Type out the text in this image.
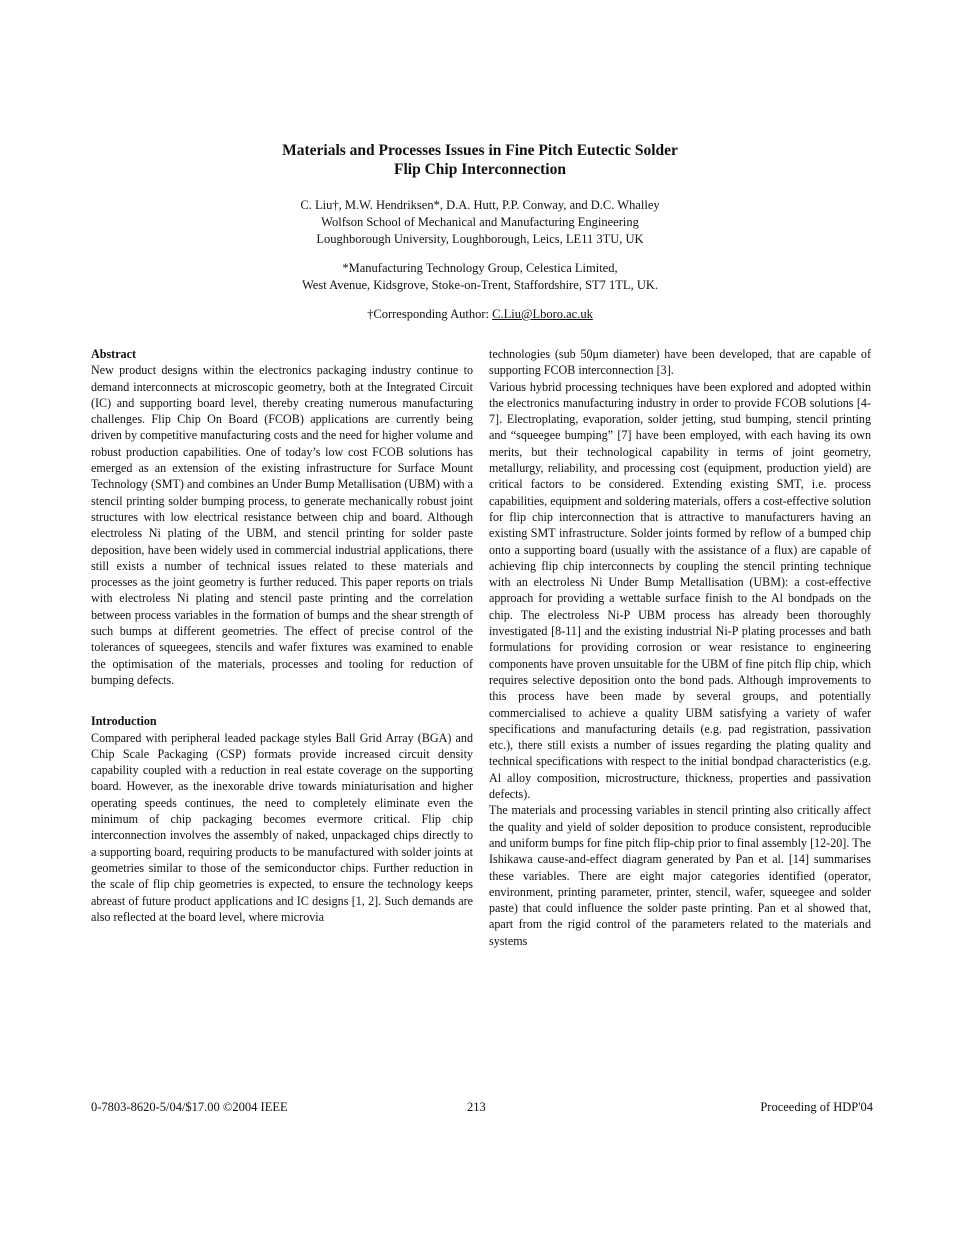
Materials and Processes Issues in Fine Pitch Eutectic Solder
Flip Chip Interconnection
C. Liu†, M.W. Hendriksen*, D.A. Hutt, P.P. Conway, and D.C. Whalley
Wolfson School of Mechanical and Manufacturing Engineering
Loughborough University, Loughborough, Leics, LE11 3TU, UK
*Manufacturing Technology Group, Celestica Limited,
West Avenue, Kidsgrove, Stoke-on-Trent, Staffordshire, ST7 1TL, UK.
†Corresponding Author: C.Liu@Lboro.ac.uk

Abstract

New product designs within the electronics packaging industry continue to demand interconnects at microscopic geometry, both at the Integrated Circuit (IC) and supporting board level, thereby creating numerous manufacturing challenges. Flip Chip On Board (FCOB) applications are currently being driven by competitive manufacturing costs and the need for higher volume and robust production capabilities. One of today’s low cost FCOB solutions has emerged as an extension of the existing infrastructure for Surface Mount Technology (SMT) and combines an Under Bump Metallisation (UBM) with a stencil printing solder bumping process, to generate mechanically robust joint structures with low electrical resistance between chip and board. Although electroless Ni plating of the UBM, and stencil printing for solder paste deposition, have been widely used in commercial industrial applications, there still exists a number of technical issues related to these materials and processes as the joint geometry is further reduced. This paper reports on trials with electroless Ni plating and stencil paste printing and the correlation between process variables in the formation of bumps and the shear strength of such bumps at different geometries. The effect of precise control of the tolerances of squeegees, stencils and wafer fixtures was examined to enable the optimisation of the materials, processes and tooling for reduction of bumping defects.

Introduction

Compared with peripheral leaded package styles Ball Grid Array (BGA) and Chip Scale Packaging (CSP) formats provide increased circuit density capability coupled with a reduction in real estate coverage on the supporting board. However, as the inexorable drive towards miniaturisation and higher operating speeds continues, the need to completely eliminate even the minimum of chip packaging becomes evermore critical. Flip chip interconnection involves the assembly of naked, unpackaged chips directly to a supporting board, requiring products to be manufactured with solder joints at geometries similar to those of the semiconductor chips. Further reduction in the scale of flip chip geometries is expected, to ensure the technology keeps abreast of future product applications and IC designs [1, 2]. Such demands are also reflected at the board level, where microvia

technologies (sub 50μm diameter) have been developed, that are capable of supporting FCOB interconnection [3].

Various hybrid processing techniques have been explored and adopted within the electronics manufacturing industry in order to provide FCOB solutions [4-7]. Electroplating, evaporation, solder jetting, stud bumping, stencil printing and “squeegee bumping” [7] have been employed, with each having its own merits, but their technological capability in terms of joint geometry, metallurgy, reliability, and processing cost (equipment, production yield) are critical factors to be considered. Extending existing SMT, i.e. process capabilities, equipment and soldering materials, offers a cost-effective solution for flip chip interconnection that is attractive to manufacturers having an existing SMT infrastructure. Solder joints formed by reflow of a bumped chip onto a supporting board (usually with the assistance of a flux) are capable of achieving flip chip interconnects by coupling the stencil printing technique with an electroless Ni Under Bump Metallisation (UBM): a cost-effective approach for providing a wettable surface finish to the Al bondpads on the chip. The electroless Ni-P UBM process has already been thoroughly investigated [8-11] and the existing industrial Ni-P plating processes and bath formulations for providing corrosion or wear resistance to engineering components have proven unsuitable for the UBM of fine pitch flip chip, which requires selective deposition onto the bond pads. Although improvements to this process have been made by several groups, and potentially commercialised to achieve a quality UBM satisfying a variety of wafer specifications and manufacturing details (e.g. pad registration, passivation etc.), there still exists a number of issues regarding the plating quality and technical specifications with respect to the initial bondpad characteristics (e.g. Al alloy composition, microstructure, thickness, properties and passivation defects).

The materials and processing variables in stencil printing also critically affect the quality and yield of solder deposition to produce consistent, reproducible and uniform bumps for fine pitch flip-chip prior to final assembly [12-20]. The Ishikawa cause-and-effect diagram generated by Pan et al. [14] summarises these variables. There are eight major categories identified (operator, environment, printing parameter, printer, stencil, wafer, squeegee and solder paste) that could influence the solder paste printing. Pan et al showed that, apart from the rigid control of the parameters related to the materials and systems

0-7803-8620-5/04/$17.00 ©2004 IEEE	213	Proceeding of HDP'04
